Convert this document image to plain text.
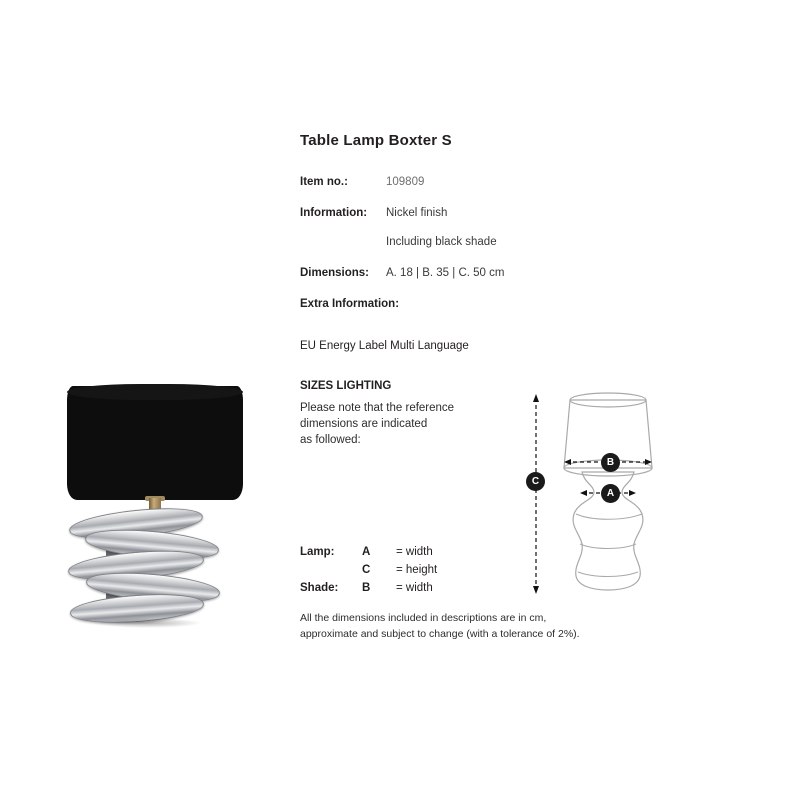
Table Lamp Boxter S
Item no.:	109809
Information:	Nickel finish
Including black shade
Dimensions:	A. 18 | B. 35 | C. 50 cm
Extra Information:
EU Energy Label Multi Language
SIZES LIGHTING

Please note that the reference
dimensions are indicated
as followed:

Lamp:	A	= width
	C	= height
Shade:	B	= width
All the dimensions included in descriptions are in cm,
approximate and subject to change (with a tolerance of 2%).
B
A
C
